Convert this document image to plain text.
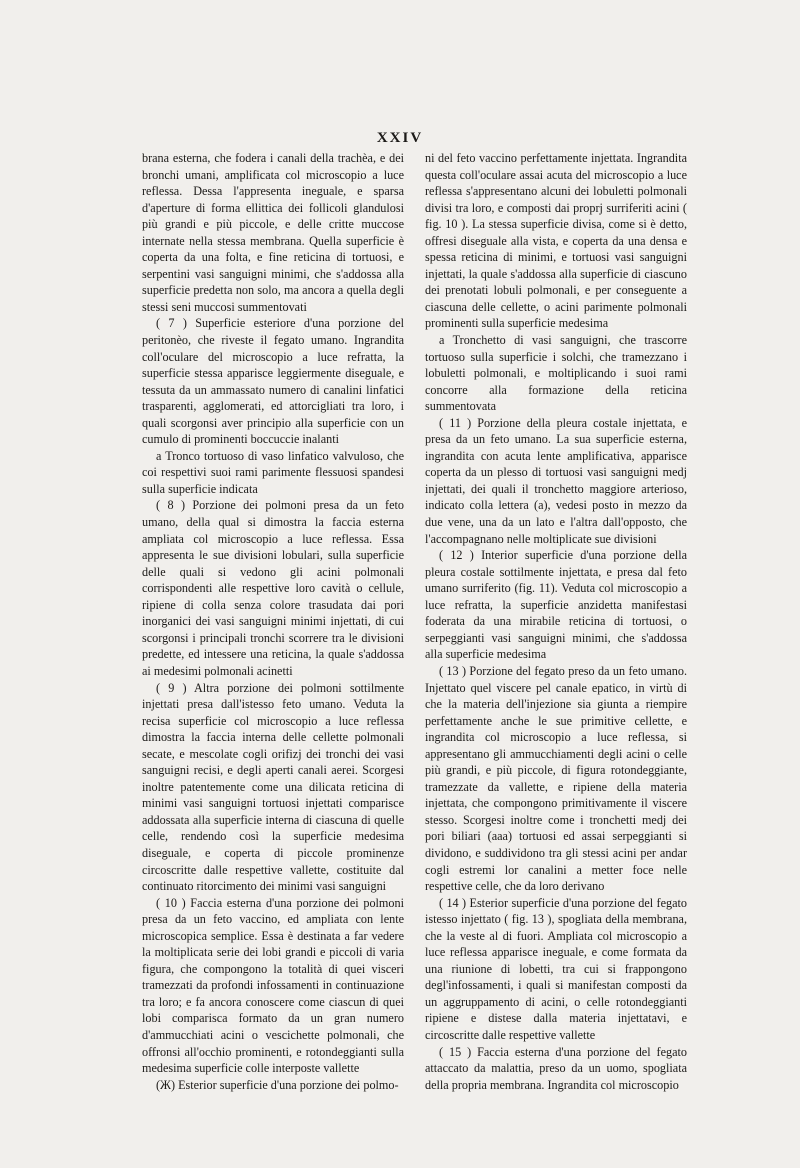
XXIV

brana esterna, che fodera i canali della trachèa, e dei bronchi umani, amplificata col microscopio a luce reflessa. Dessa l'appresenta ineguale, e sparsa d'aperture di forma ellittica dei follicoli glandulosi più grandi e più piccole, e delle critte muccose internate nella stessa membrana. Quella superficie è coperta da una folta, e fine reticina di tortuosi, e serpentini vasi sanguigni minimi, che s'addossa alla superficie predetta non solo, ma ancora a quella degli stessi seni muccosi summentovati

( 7 ) Superficie esteriore d'una porzione del peritonèo, che riveste il fegato umano. Ingrandita coll'oculare del microscopio a luce refratta, la superficie stessa apparisce leggiermente diseguale, e tessuta da un ammassato numero di canalini linfatici trasparenti, agglomerati, ed attorcigliati tra loro, i quali scorgonsi aver principio alla superficie con un cumulo di prominenti boccuccie inalanti

a Tronco tortuoso di vaso linfatico valvuloso, che coi respettivi suoi rami parimente flessuosi spandesi sulla superficie indicata

( 8 ) Porzione dei polmoni presa da un feto umano, della qual si dimostra la faccia esterna ampliata col microscopio a luce reflessa. Essa appresenta le sue divisioni lobulari, sulla superficie delle quali si vedono gli acini polmonali corrispondenti alle respettive loro cavità o cellule, ripiene di colla senza colore trasudata dai pori inorganici dei vasi sanguigni minimi injettati, di cui scorgonsi i principali tronchi scorrere tra le divisioni predette, ed intessere una reticina, la quale s'addossa ai medesimi polmonali acinetti

( 9 ) Altra porzione dei polmoni sottilmente injettati presa dall'istesso feto umano. Veduta la recisa superficie col microscopio a luce reflessa dimostra la faccia interna delle cellette polmonali secate, e mescolate cogli orifizj dei tronchi dei vasi sanguigni recisi, e degli aperti canali aerei. Scorgesi inoltre patentemente come una dilicata reticina di minimi vasi sanguigni tortuosi injettati comparisce addossata alla superficie interna di ciascuna di quelle celle, rendendo così la superficie medesima diseguale, e coperta di piccole prominenze circoscritte dalle respettive vallette, costituite dal continuato ritorcimento dei minimi vasi sanguigni

( 10 ) Faccia esterna d'una porzione dei polmoni presa da un feto vaccino, ed ampliata con lente microscopica semplice. Essa è destinata a far vedere la moltiplicata serie dei lobi grandi e piccoli di varia figura, che compongono la totalità di quei visceri tramezzati da profondi infossamenti in continuazione tra loro; e fa ancora conoscere come ciascun di quei lobi comparisca formato da un gran numero d'ammucchiati acini o vescichette polmonali, che offronsi all'occhio prominenti, e rotondeggianti sulla medesima superficie colle interposte vallette

(Ж) Esterior superficie d'una porzione dei polmo-

ni del feto vaccino perfettamente injettata. Ingrandita questa coll'oculare assai acuta del microscopio a luce reflessa s'appresentano alcuni dei lobuletti polmonali divisi tra loro, e composti dai proprj surriferiti acini ( fig. 10 ). La stessa superficie divisa, come si è detto, offresi diseguale alla vista, e coperta da una densa e spessa reticina di minimi, e tortuosi vasi sanguigni injettati, la quale s'addossa alla superficie di ciascuno dei prenotati lobuli polmonali, e per conseguente a ciascuna delle cellette, o acini parimente polmonali prominenti sulla superficie medesima

a Tronchetto di vasi sanguigni, che trascorre tortuoso sulla superficie i solchi, che tramezzano i lobuletti polmonali, e moltiplicando i suoi rami concorre alla formazione della reticina summentovata

( 11 ) Porzione della pleura costale injettata, e presa da un feto umano. La sua superficie esterna, ingrandita con acuta lente amplificativa, apparisce coperta da un plesso di tortuosi vasi sanguigni medj injettati, dei quali il tronchetto maggiore arterioso, indicato colla lettera (a), vedesi posto in mezzo da due vene, una da un lato e l'altra dall'opposto, che l'accompagnano nelle moltiplicate sue divisioni

( 12 ) Interior superficie d'una porzione della pleura costale sottilmente injettata, e presa dal feto umano surriferito (fig. 11). Veduta col microscopio a luce refratta, la superficie anzidetta manifestasi foderata da una mirabile reticina di tortuosi, o serpeggianti vasi sanguigni minimi, che s'addossa alla superficie medesima

( 13 ) Porzione del fegato preso da un feto umano. Injettato quel viscere pel canale epatico, in virtù di che la materia dell'injezione sia giunta a riempire perfettamente anche le sue primitive cellette, e ingrandita col microscopio a luce reflessa, si appresentano gli ammucchiamenti degli acini o celle più grandi, e più piccole, di figura rotondeggiante, tramezzate da vallette, e ripiene della materia injettata, che compongono primitivamente il viscere stesso. Scorgesi inoltre come i tronchetti medj dei pori biliari (aaa) tortuosi ed assai serpeggianti si dividono, e suddividono tra gli stessi acini per andar cogli estremi lor canalini a metter foce nelle respettive celle, che da loro derivano

( 14 ) Esterior superficie d'una porzione del fegato istesso injettato ( fig. 13 ), spogliata della membrana, che la veste al di fuori. Ampliata col microscopio a luce reflessa apparisce ineguale, e come formata da una riunione di lobetti, tra cui si frappongono degl'infossamenti, i quali si manifestan composti da un aggruppamento di acini, o celle rotondeggianti ripiene e distese dalla materia injettatavi, e circoscritte dalle respettive vallette

( 15 ) Faccia esterna d'una porzione del fegato attaccato da malattia, preso da un uomo, spogliata della propria membrana. Ingrandita col microscopio
